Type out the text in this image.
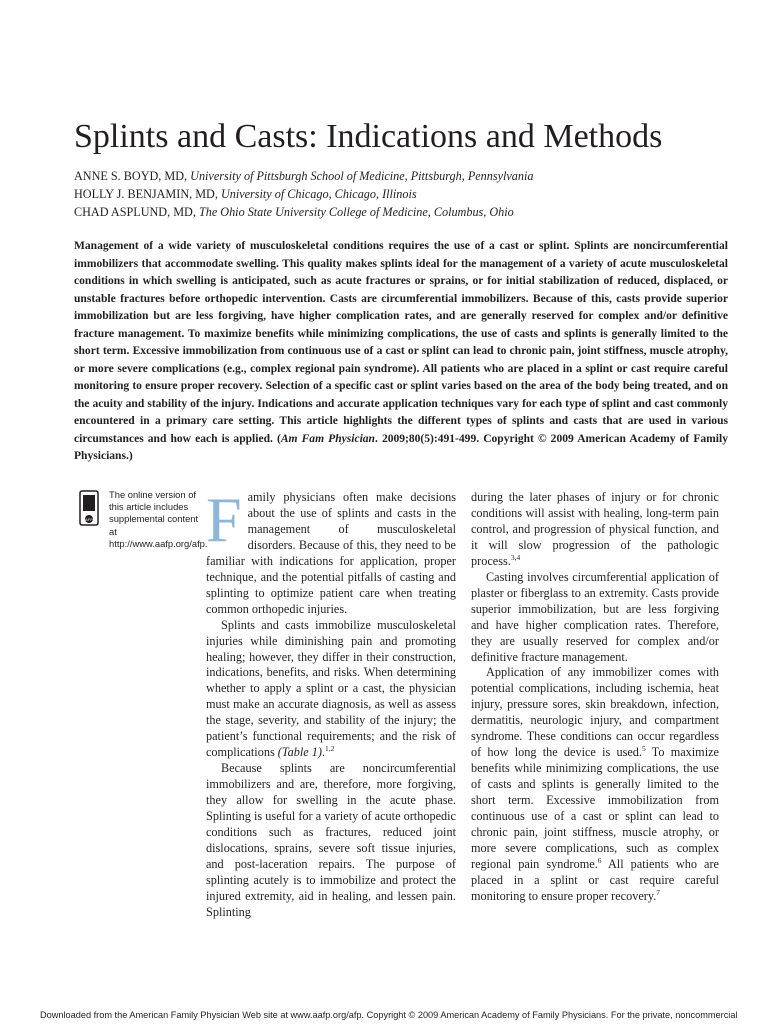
Splints and Casts: Indications and Methods
ANNE S. BOYD, MD, University of Pittsburgh School of Medicine, Pittsburgh, Pennsylvania
HOLLY J. BENJAMIN, MD, University of Chicago, Chicago, Illinois
CHAD ASPLUND, MD, The Ohio State University College of Medicine, Columbus, Ohio
Management of a wide variety of musculoskeletal conditions requires the use of a cast or splint. Splints are noncircumferential immobilizers that accommodate swelling. This quality makes splints ideal for the management of a variety of acute musculoskeletal conditions in which swelling is anticipated, such as acute fractures or sprains, or for initial stabilization of reduced, displaced, or unstable fractures before orthopedic intervention. Casts are circumferential immobilizers. Because of this, casts provide superior immobilization but are less forgiving, have higher complication rates, and are generally reserved for complex and/or definitive fracture management. To maximize benefits while minimizing complications, the use of casts and splints is generally limited to the short term. Excessive immobilization from continuous use of a cast or splint can lead to chronic pain, joint stiffness, muscle atrophy, or more severe complications (e.g., complex regional pain syndrome). All patients who are placed in a splint or cast require careful monitoring to ensure proper recovery. Selection of a specific cast or splint varies based on the area of the body being treated, and on the acuity and stability of the injury. Indications and accurate application techniques vary for each type of splint and cast commonly encountered in a primary care setting. This article highlights the different types of splints and casts that are used in various circumstances and how each is applied. (Am Fam Physician. 2009;80(5):491-499. Copyright © 2009 American Academy of Family Physicians.)
AFP
The online version of this article includes supplemental content at http://www.aafp.org/afp.

Family physicians often make decisions about the use of splints and casts in the management of musculoskeletal disorders. Because of this, they need to be familiar with indications for application, proper technique, and the potential pitfalls of casting and splinting to optimize patient care when treating common orthopedic injuries.

Splints and casts immobilize musculoskeletal injuries while diminishing pain and promoting healing; however, they differ in their construction, indications, benefits, and risks. When determining whether to apply a splint or a cast, the physician must make an accurate diagnosis, as well as assess the stage, severity, and stability of the injury; the patient’s functional requirements; and the risk of complications (Table 1).$^{1,2}$

Because splints are noncircumferential immobilizers and are, therefore, more forgiving, they allow for swelling in the acute phase. Splinting is useful for a variety of acute orthopedic conditions such as fractures, reduced joint dislocations, sprains, severe soft tissue injuries, and post-laceration repairs. The purpose of splinting acutely is to immobilize and protect the injured extremity, aid in healing, and lessen pain. Splinting

during the later phases of injury or for chronic conditions will assist with healing, long-term pain control, and progression of physical function, and it will slow progression of the pathologic process.$^{3,4}$

Casting involves circumferential application of plaster or fiberglass to an extremity. Casts provide superior immobilization, but are less forgiving and have higher complication rates. Therefore, they are usually reserved for complex and/or definitive fracture management.

Application of any immobilizer comes with potential complications, including ischemia, heat injury, pressure sores, skin breakdown, infection, dermatitis, neurologic injury, and compartment syndrome. These conditions can occur regardless of how long the device is used.$^5$ To maximize benefits while minimizing complications, the use of casts and splints is generally limited to the short term. Excessive immobilization from continuous use of a cast or splint can lead to chronic pain, joint stiffness, muscle atrophy, or more severe complications, such as complex regional pain syndrome.$^6$ All patients who are placed in a splint or cast require careful monitoring to ensure proper recovery.$^7$

Downloaded from the American Family Physician Web site at www.aafp.org/afp. Copyright © 2009 American Academy of Family Physicians. For the private, noncommercial
